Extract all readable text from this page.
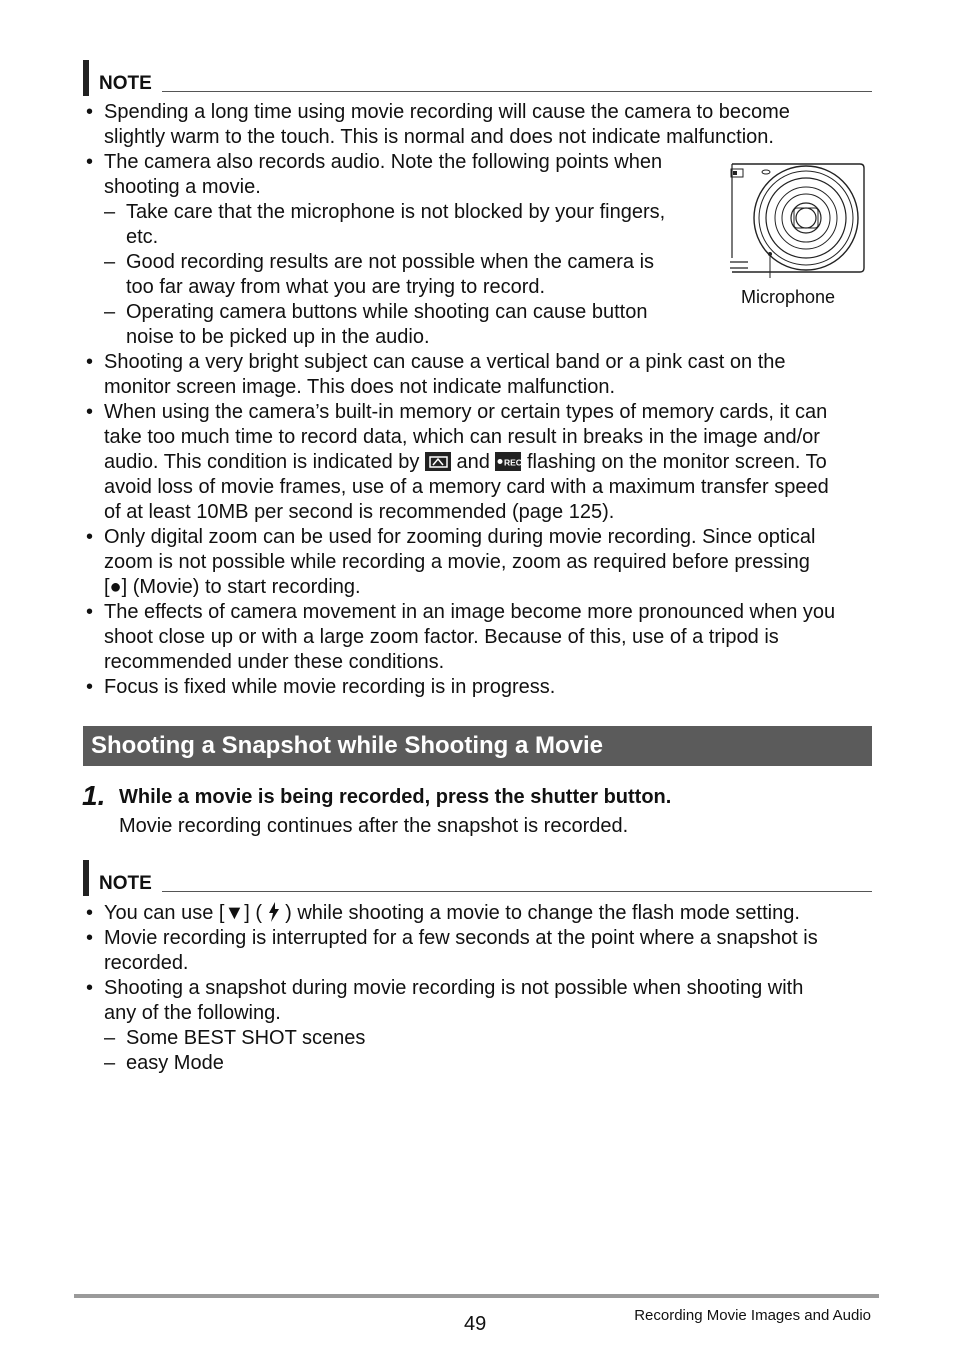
NOTE
• Spending a long time using movie recording will cause the camera to become
slightly warm to the touch. This is normal and does not indicate malfunction.
• The camera also records audio. Note the following points when
shooting a movie.
– Take care that the microphone is not blocked by your fingers,
etc.
– Good recording results are not possible when the camera is
too far away from what you are trying to record.
– Operating camera buttons while shooting can cause button
noise to be picked up in the audio.
Microphone
• Shooting a very bright subject can cause a vertical band or a pink cast on the
monitor screen image. This does not indicate malfunction.
• When using the camera’s built-in memory or certain types of memory cards, it can
take too much time to record data, which can result in breaks in the image and/or
audio. This condition is indicated by  and REC flashing on the monitor screen. To
avoid loss of movie frames, use of a memory card with a maximum transfer speed
of at least 10MB per second is recommended (page 125).
• Only digital zoom can be used for zooming during movie recording. Since optical
zoom is not possible while recording a movie, zoom as required before pressing
[●] (Movie) to start recording.
• The effects of camera movement in an image become more pronounced when you
shoot close up or with a large zoom factor. Because of this, use of a tripod is
recommended under these conditions.
• Focus is fixed while movie recording is in progress.
Shooting a Snapshot while Shooting a Movie
1. While a movie is being recorded, press the shutter button.
Movie recording continues after the snapshot is recorded.
NOTE
• You can use [▼] (  ) while shooting a movie to change the flash mode setting.
• Movie recording is interrupted for a few seconds at the point where a snapshot is
recorded.
• Shooting a snapshot during movie recording is not possible when shooting with
any of the following.
– Some BEST SHOT scenes
– easy Mode
49	Recording Movie Images and Audio
